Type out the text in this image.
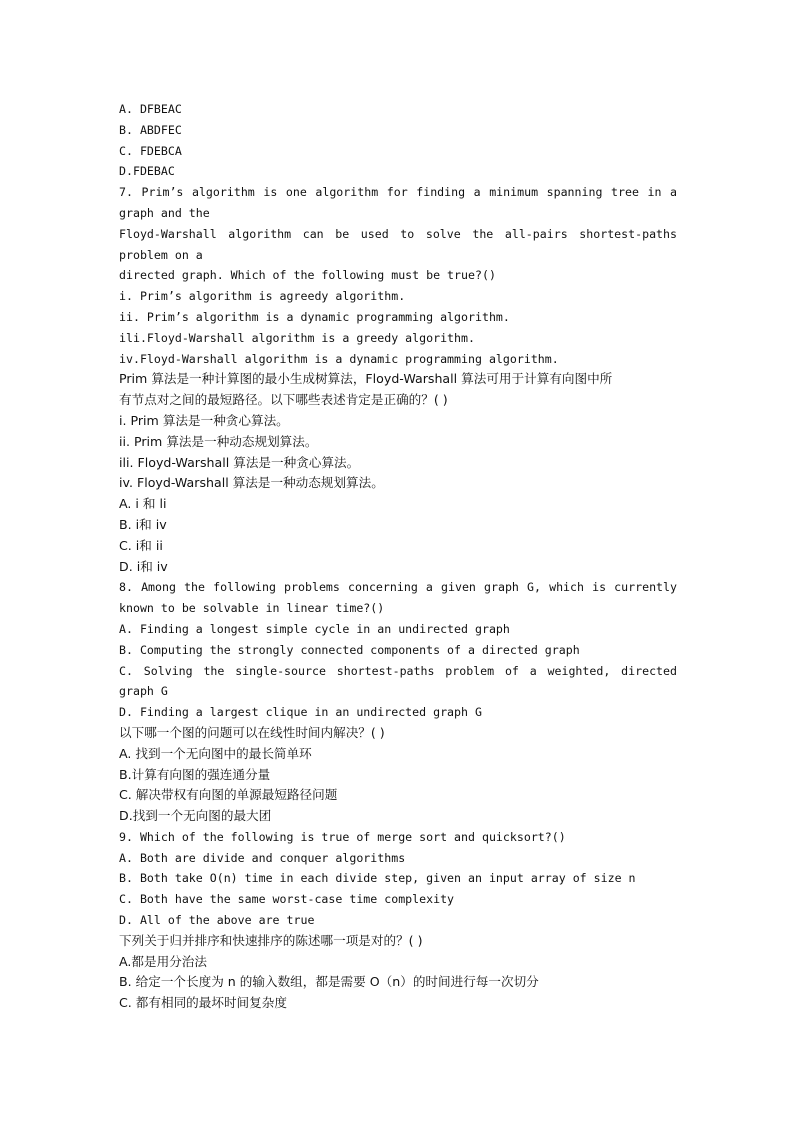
A. DFBEAC
B. ABDFEC
C. FDEBCA
D.FDEBAC
7. Prim’s algorithm is one algorithm for finding a minimum spanning tree in a
graph and the
Floyd-Warshall algorithm can be used to solve the all-pairs shortest-paths
problem on a
directed graph. Which of the following must be true?()
i. Prim’s algorithm is agreedy algorithm.
ii. Prim’s algorithm is a dynamic programming algorithm.
ili.Floyd-Warshall algorithm is a greedy algorithm.
iv.Floyd-Warshall algorithm is a dynamic programming algorithm.
Prim 算法是一种计算图的最小生成树算法，Floyd-Warshall 算法可用于计算有向图中所
有节点对之间的最短路径。以下哪些表述肯定是正确的？( )
i. Prim 算法是一种贪心算法。
ii. Prim 算法是一种动态规划算法。
ili. Floyd-Warshall 算法是一种贪心算法。
iv. Floyd-Warshall 算法是一种动态规划算法。
A. i 和 li
B. i和 iv
C. i和 ii
D. i和 iv
8. Among the following problems concerning a given graph G, which is currently
known to be solvable in linear time?()
A. Finding a longest simple cycle in an undirected graph
B. Computing the strongly connected components of a directed graph
C. Solving the single-source shortest-paths problem of a weighted, directed
graph G
D. Finding a largest clique in an undirected graph G
以下哪一个图的问题可以在线性时间内解决？( )
A. 找到一个无向图中的最长简单环
B.计算有向图的强连通分量
C. 解决带权有向图的单源最短路径问题
D.找到一个无向图的最大团
9. Which of the following is true of merge sort and quicksort?()
A. Both are divide and conquer algorithms
B. Both take O(n) time in each divide step, given an input array of size n
C. Both have the same worst-case time complexity
D. All of the above are true
下列关于归并排序和快速排序的陈述哪一项是对的？( )
A.都是用分治法
B. 给定一个长度为 n 的输入数组，都是需要 O（n）的时间进行每一次切分
C. 都有相同的最坏时间复杂度
